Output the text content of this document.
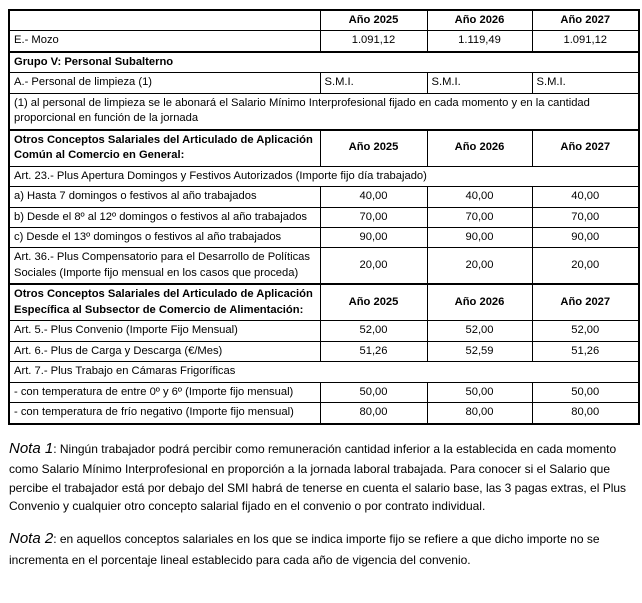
	Año 2025	Año 2026	Año 2027
E.- Mozo	1.091,12	1.119,49	1.091,12
Grupo V: Personal Subalterno			
A.- Personal de limpieza (1)	S.M.I.	S.M.I.	S.M.I.
(1) al personal de limpieza se le abonará el Salario Mínimo Interprofesional fijado en cada momento y en la cantidad proporcional en función de la jornada			
Otros Conceptos Salariales del Articulado de Aplicación Común al Comercio en General:	Año 2025	Año 2026	Año 2027
Art. 23.- Plus Apertura Domingos y Festivos Autorizados (Importe fijo día trabajado)			
a) Hasta 7 domingos o festivos al año trabajados	40,00	40,00	40,00
b) Desde el 8º al 12º domingos o festivos al año trabajados	70,00	70,00	70,00
c) Desde el 13º domingos o festivos al año trabajados	90,00	90,00	90,00
Art. 36.- Plus Compensatorio para el Desarrollo de Políticas Sociales (Importe fijo mensual en los casos que proceda)	20,00	20,00	20,00
Otros Conceptos Salariales del Articulado de Aplicación Específica al Subsector de Comercio de Alimentación:	Año 2025	Año 2026	Año 2027
Art. 5.- Plus Convenio (Importe Fijo Mensual)	52,00	52,00	52,00
Art. 6.- Plus de Carga y Descarga (€/Mes)	51,26	52,59	51,26
Art. 7.- Plus Trabajo en Cámaras Frigoríficas			
- con temperatura de entre 0º y 6º (Importe fijo mensual)	50,00	50,00	50,00
- con temperatura de frío negativo (Importe fijo mensual)	80,00	80,00	80,00

Nota 1: Ningún trabajador podrá percibir como remuneración cantidad inferior a la establecida en cada momento como Salario Mínimo Interprofesional en proporción a la jornada laboral trabajada. Para conocer si el Salario que percibe el trabajador está por debajo del SMI habrá de tenerse en cuenta el salario base, las 3 pagas extras, el Plus Convenio y cualquier otro concepto salarial fijado en el convenio o por contrato individual.

Nota 2: en aquellos conceptos salariales en los que se indica importe fijo se refiere a que dicho importe no se incrementa en el porcentaje lineal establecido para cada año de vigencia del convenio.
